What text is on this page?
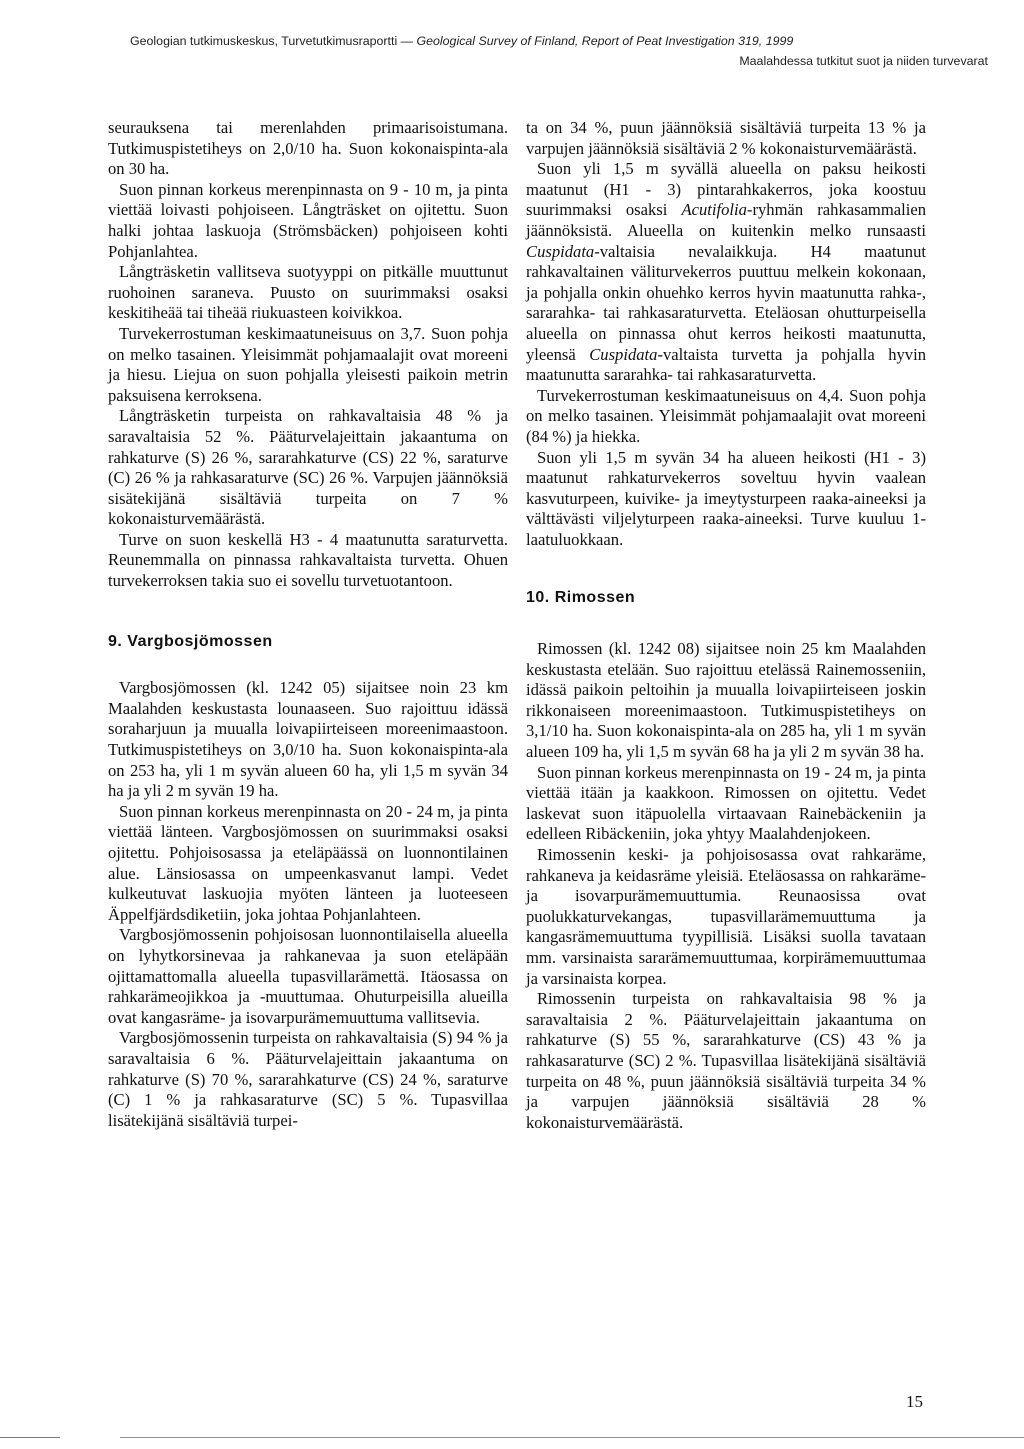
Geologian tutkimuskeskus, Turvetutkimusraportti — Geological Survey of Finland, Report of Peat Investigation 319, 1999
Maalahdessa tutkitut suot ja niiden turvevarat

seurauksena tai merenlahden primaarisoistumana. Tutkimuspistetiheys on 2,0/10 ha. Suon kokonaispinta-ala on 30 ha.

Suon pinnan korkeus merenpinnasta on 9 - 10 m, ja pinta viettää loivasti pohjoiseen. Långträsket on ojitettu. Suon halki johtaa laskuoja (Strömsbäcken) pohjoiseen kohti Pohjanlahtea.

Långträsketin vallitseva suotyyppi on pitkälle muuttunut ruohoinen saraneva. Puusto on suurimmaksi osaksi keskitiheää tai tiheää riukuasteen koivikkoa.

Turvekerrostuman keskimaatuneisuus on 3,7. Suon pohja on melko tasainen. Yleisimmät pohjamaalajit ovat moreeni ja hiesu. Liejua on suon pohjalla yleisesti paikoin metrin paksuisena kerroksena.

Långträsketin turpeista on rahkavaltaisia 48 % ja saravaltaisia 52 %. Pääturvelajeittain jakaantuma on rahkaturve (S) 26 %, sararahkaturve (CS) 22 %, saraturve (C) 26 % ja rahkasaraturve (SC) 26 %. Varpujen jäännöksiä sisätekijänä sisältäviä turpeita on 7 % kokonaisturvemäärästä.

Turve on suon keskellä H3 - 4 maatunutta saraturvetta. Reunemmalla on pinnassa rahkavaltaista turvetta. Ohuen turvekerroksen takia suo ei sovellu turvetuotantoon.

9. Vargbosjömossen

Vargbosjömossen (kl. 1242 05) sijaitsee noin 23 km Maalahden keskustasta lounaaseen. Suo rajoittuu idässä soraharjuun ja muualla loivapiirteiseen moreenimaastoon. Tutkimuspistetiheys on 3,0/10 ha. Suon kokonaispinta-ala on 253 ha, yli 1 m syvän alueen 60 ha, yli 1,5 m syvän 34 ha ja yli 2 m syvän 19 ha.

Suon pinnan korkeus merenpinnasta on 20 - 24 m, ja pinta viettää länteen. Vargbosjömossen on suurimmaksi osaksi ojitettu. Pohjoisosassa ja eteläpäässä on luonnontilainen alue. Länsiosassa on umpeenkasvanut lampi. Vedet kulkeutuvat laskuojia myöten länteen ja luoteeseen Äppelfjärdsdiketiin, joka johtaa Pohjanlahteen.

Vargbosjömossenin pohjoisosan luonnontilaisella alueella on lyhytkorsinevaa ja rahkanevaa ja suon eteläpään ojittamattomalla alueella tupasvillarämettä. Itäosassa on rahkarämeojikkoa ja -muuttumaa. Ohuturpeisilla alueilla ovat kangasräme- ja isovarpurämemuuttuma vallitsevia.

Vargbosjömossenin turpeista on rahkavaltaisia (S) 94 % ja saravaltaisia 6 %. Pääturvelajeittain jakaantuma on rahkaturve (S) 70 %, sararahkaturve (CS) 24 %, saraturve (C) 1 % ja rahkasaraturve (SC) 5 %. Tupasvillaa lisätekijänä sisältäviä turpei-

ta on 34 %, puun jäännöksiä sisältäviä turpeita 13 % ja varpujen jäännöksiä sisältäviä 2 % kokonaisturvemäärästä.

Suon yli 1,5 m syvällä alueella on paksu heikosti maatunut (H1 - 3) pintarahkakerros, joka koostuu suurimmaksi osaksi Acutifolia-ryhmän rahkasammalien jäännöksistä. Alueella on kuitenkin melko runsaasti Cuspidata-valtaisia nevalaikkuja. H4 maatunut rahkavaltainen väliturvekerros puuttuu melkein kokonaan, ja pohjalla onkin ohuehko kerros hyvin maatunutta rahka-, sararahka- tai rahkasaraturvetta. Eteläosan ohutturpeisella alueella on pinnassa ohut kerros heikosti maatunutta, yleensä Cuspidata-valtaista turvetta ja pohjalla hyvin maatunutta sararahka- tai rahkasaraturvetta.

Turvekerrostuman keskimaatuneisuus on 4,4. Suon pohja on melko tasainen. Yleisimmät pohjamaalajit ovat moreeni (84 %) ja hiekka.

Suon yli 1,5 m syvän 34 ha alueen heikosti (H1 - 3) maatunut rahkaturvekerros soveltuu hyvin vaalean kasvuturpeen, kuivike- ja imeytysturpeen raaka-aineeksi ja välttävästi viljelyturpeen raaka-aineeksi. Turve kuuluu 1-laatuluokkaan.

10. Rimossen

Rimossen (kl. 1242 08) sijaitsee noin 25 km Maalahden keskustasta etelään. Suo rajoittuu etelässä Rainemosseniin, idässä paikoin peltoihin ja muualla loivapiirteiseen joskin rikkonaiseen moreenimaastoon. Tutkimuspistetiheys on 3,1/10 ha. Suon kokonaispinta-ala on 285 ha, yli 1 m syvän alueen 109 ha, yli 1,5 m syvän 68 ha ja yli 2 m syvän 38 ha.

Suon pinnan korkeus merenpinnasta on 19 - 24 m, ja pinta viettää itään ja kaakkoon. Rimossen on ojitettu. Vedet laskevat suon itäpuolella virtaavaan Rainebäckeniin ja edelleen Ribäckeniin, joka yhtyy Maalahdenjokeen.

Rimossenin keski- ja pohjoisosassa ovat rahkaräme, rahkaneva ja keidasräme yleisiä. Eteläosassa on rahkaräme- ja isovarpurämemuuttumia. Reunaosissa ovat puolukkaturvekangas, tupasvillarämemuuttuma ja kangasrämemuuttuma tyypillisiä. Lisäksi suolla tavataan mm. varsinaista sararämemuuttumaa, korpirämemuuttumaa ja varsinaista korpea.

Rimossenin turpeista on rahkavaltaisia 98 % ja saravaltaisia 2 %. Pääturvelajeittain jakaantuma on rahkaturve (S) 55 %, sararahkaturve (CS) 43 % ja rahkasaraturve (SC) 2 %. Tupasvillaa lisätekijänä sisältäviä turpeita on 48 %, puun jäännöksiä sisältäviä turpeita 34 % ja varpujen jäännöksiä sisältäviä 28 % kokonaisturvemäärästä.

15
